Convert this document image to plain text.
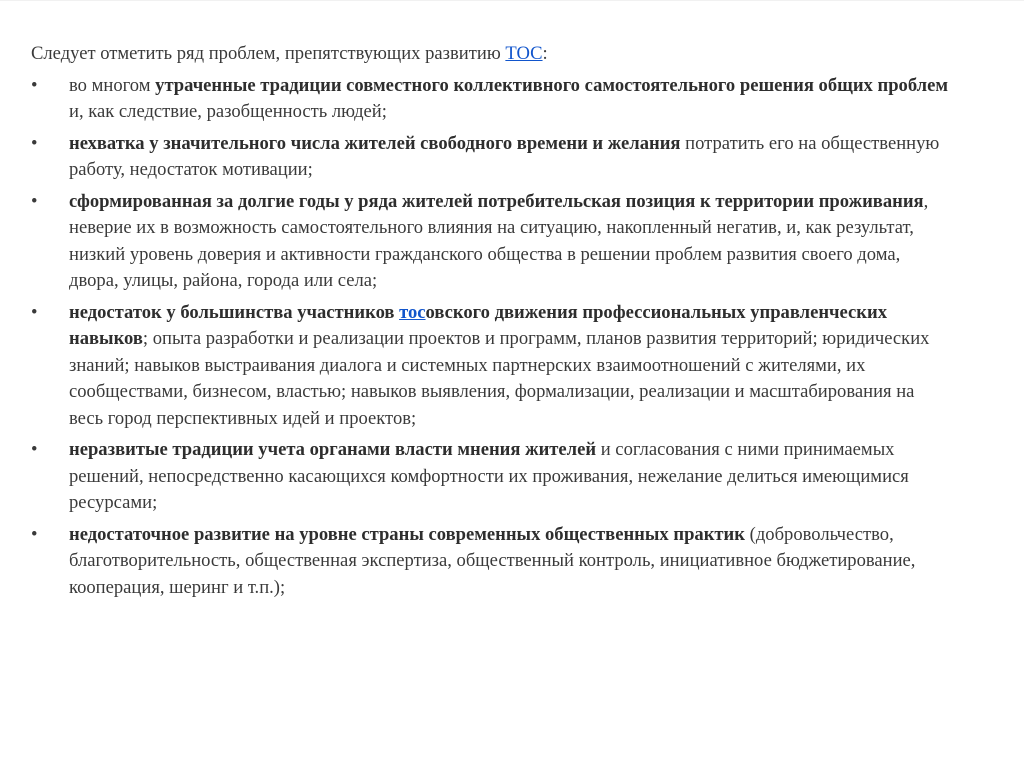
Следует отметить ряд проблем, препятствующих развитию ТОС:

•	во многом утраченные традиции совместного коллективного самостоятельного решения общих проблем и, как следствие, разобщенность людей;
•	нехватка у значительного числа жителей свободного времени и желания потратить его на общественную работу, недостаток мотивации;
•	сформированная за долгие годы у ряда жителей потребительская позиция к территории проживания, неверие их в возможность самостоятельного влияния на ситуацию, накопленный негатив, и, как результат, низкий уровень доверия и активности гражданского общества в решении проблем развития своего дома, двора, улицы, района, города или села;
•	недостаток у большинства участников тосовского движения профессиональных управленческих навыков; опыта разработки и реализации проектов и программ, планов развития территорий; юридических знаний; навыков выстраивания диалога и системных партнерских взаимоотношений с жителями, их сообществами, бизнесом, властью; навыков выявления, формализации, реализации и масштабирования на весь город перспективных идей и проектов;
•	неразвитые традиции учета органами власти мнения жителей и согласования с ними принимаемых решений, непосредственно касающихся комфортности их проживания, нежелание делиться имеющимися ресурсами;
•	недостаточное развитие на уровне страны современных общественных практик (добровольчество, благотворительность, общественная экспертиза, общественный контроль, инициативное бюджетирование, кооперация, шеринг и т.п.);
